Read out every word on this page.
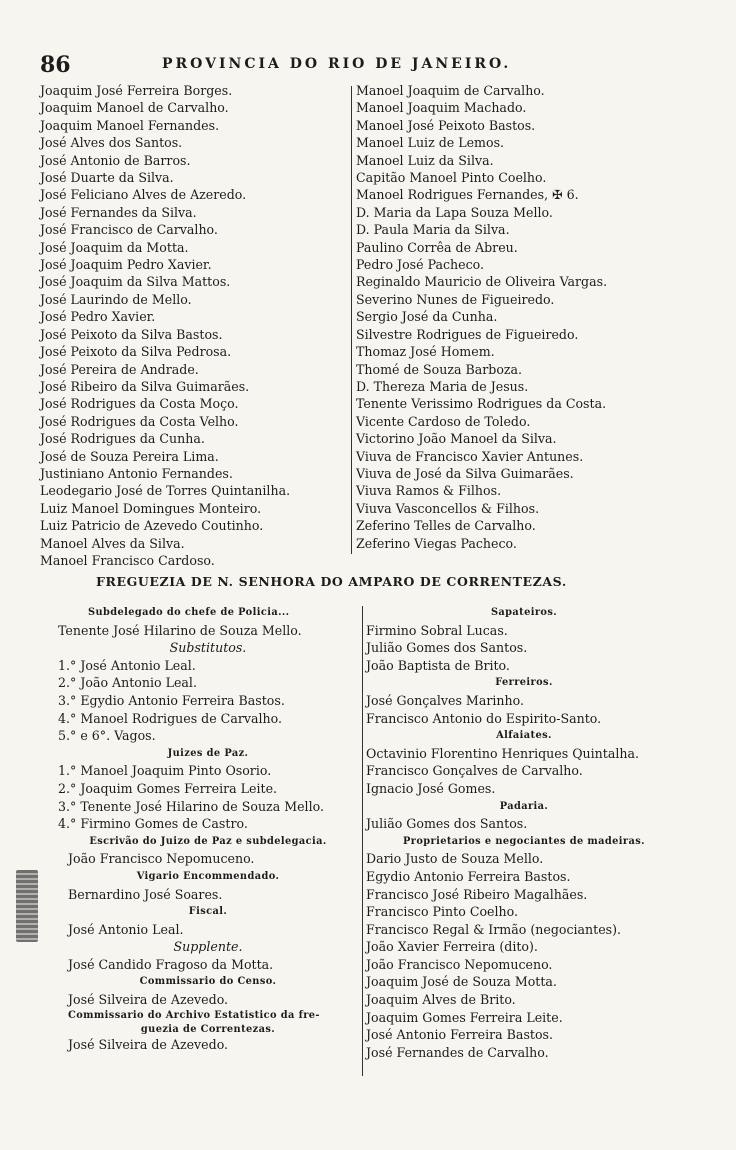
86	PROVINCIA DO RIO DE JANEIRO.
Joaquim José Ferreira Borges.
Joaquim Manoel de Carvalho.
Joaquim Manoel Fernandes.
José Alves dos Santos.
José Antonio de Barros.
José Duarte da Silva.
José Feliciano Alves de Azeredo.
José Fernandes da Silva.
José Francisco de Carvalho.
José Joaquim da Motta.
José Joaquim Pedro Xavier.
José Joaquim da Silva Mattos.
José Laurindo de Mello.
José Pedro Xavier.
José Peixoto da Silva Bastos.
José Peixoto da Silva Pedrosa.
José Pereira de Andrade.
José Ribeiro da Silva Guimarães.
José Rodrigues da Costa Moço.
José Rodrigues da Costa Velho.
José Rodrigues da Cunha.
José de Souza Pereira Lima.
Justiniano Antonio Fernandes.
Leodegario José de Torres Quintanilha.
Luiz Manoel Domingues Monteiro.
Luiz Patricio de Azevedo Coutinho.
Manoel Alves da Silva.
Manoel Francisco Cardoso.
Manoel Joaquim de Carvalho.
Manoel Joaquim Machado.
Manoel José Peixoto Bastos.
Manoel Luiz de Lemos.
Manoel Luiz da Silva.
Capitão Manoel Pinto Coelho.
Manoel Rodrigues Fernandes, ✠ 6.
D. Maria da Lapa Souza Mello.
D. Paula Maria da Silva.
Paulino Corrêa de Abreu.
Pedro José Pacheco.
Reginaldo Mauricio de Oliveira Vargas.
Severino Nunes de Figueiredo.
Sergio José da Cunha.
Silvestre Rodrigues de Figueiredo.
Thomaz José Homem.
Thomé de Souza Barboza.
D. Thereza Maria de Jesus.
Tenente Verissimo Rodrigues da Costa.
Vicente Cardoso de Toledo.
Victorino João Manoel da Silva.
Viuva de Francisco Xavier Antunes.
Viuva de José da Silva Guimarães.
Viuva Ramos & Filhos.
Viuva Vasconcellos & Filhos.
Zeferino Telles de Carvalho.
Zeferino Viegas Pacheco.
FREGUEZIA DE N. SENHORA DO AMPARO DE CORRENTEZAS.
Subdelegado do chefe de Policia...
Tenente José Hilarino de Souza Mello.
Substitutos.
1.° José Antonio Leal.
2.° João Antonio Leal.
3.° Egydio Antonio Ferreira Bastos.
4.° Manoel Rodrigues de Carvalho.
5.° e 6°. Vagos.
Juizes de Paz.
1.° Manoel Joaquim Pinto Osorio.
2.° Joaquim Gomes Ferreira Leite.
3.° Tenente José Hilarino de Souza Mello.
4.° Firmino Gomes de Castro.
Escrivão do Juizo de Paz e subdelegacia.
João Francisco Nepomuceno.
Vigario Encommendado.
Bernardino José Soares.
Fiscal.
José Antonio Leal.
Supplente.
José Candido Fragoso da Motta.
Commissario do Censo.
José Silveira de Azevedo.
Commissario do Archivo Estatistico da fre-
guezia de Correntezas.
José Silveira de Azevedo.
Sapateiros.
Firmino Sobral Lucas.
Julião Gomes dos Santos.
João Baptista de Brito.
Ferreiros.
José Gonçalves Marinho.
Francisco Antonio do Espirito-Santo.
Alfaiates.
Octavinio Florentino Henriques Quintalha.
Francisco Gonçalves de Carvalho.
Ignacio José Gomes.
Padaria.
Julião Gomes dos Santos.
Proprietarios e negociantes de madeiras.
Dario Justo de Souza Mello.
Egydio Antonio Ferreira Bastos.
Francisco José Ribeiro Magalhães.
Francisco Pinto Coelho.
Francisco Regal & Irmão (negociantes).
João Xavier Ferreira (dito).
João Francisco Nepomuceno.
Joaquim José de Souza Motta.
Joaquim Alves de Brito.
Joaquim Gomes Ferreira Leite.
José Antonio Ferreira Bastos.
José Fernandes de Carvalho.
